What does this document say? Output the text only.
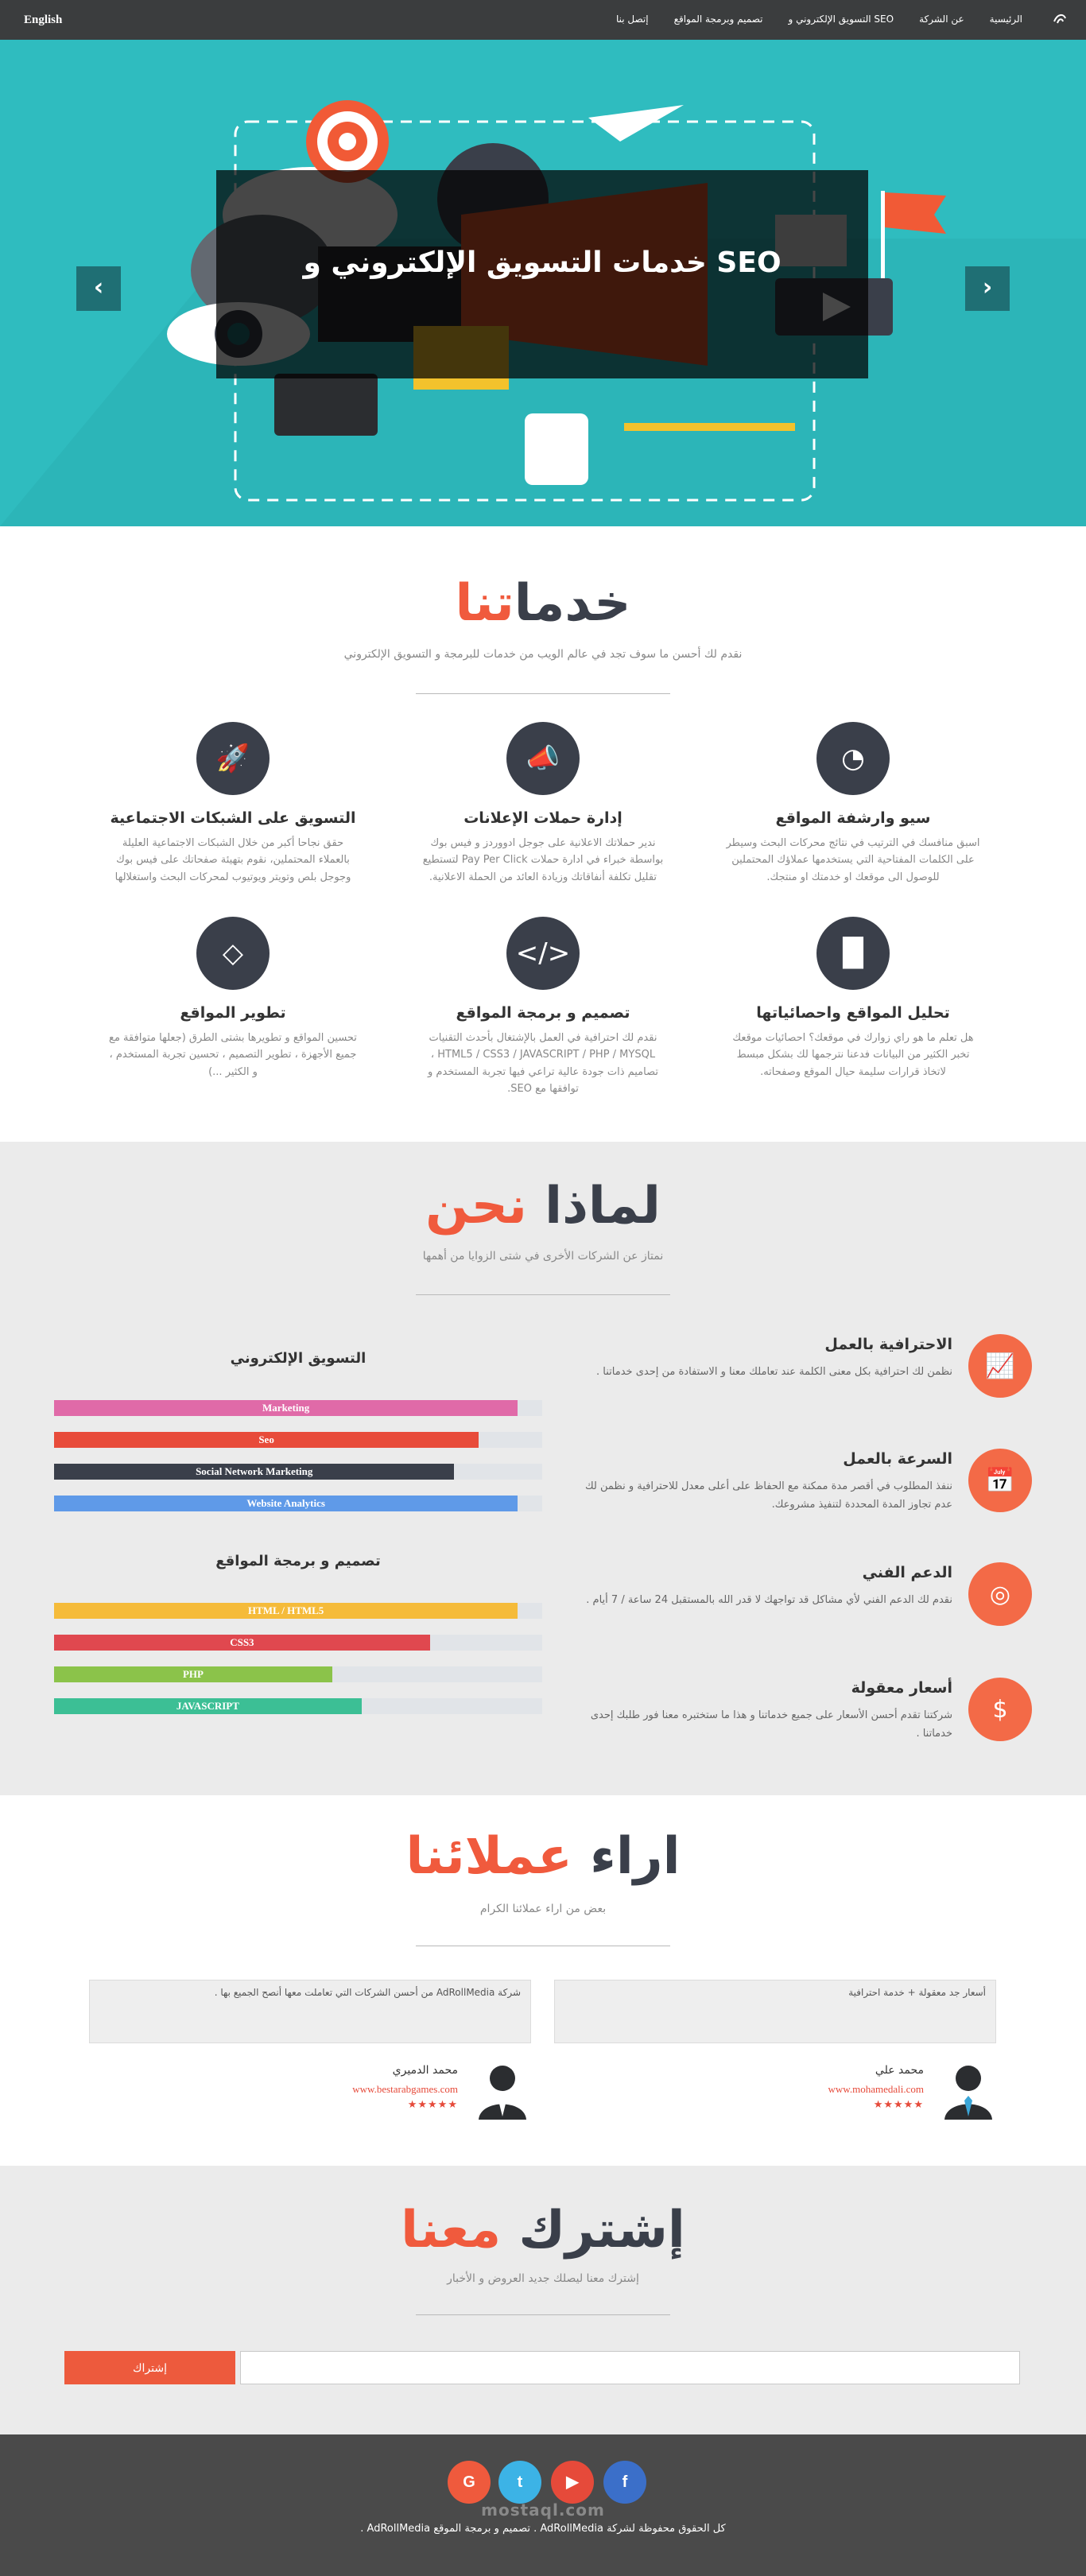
English	الرئيسية
عن الشركة
التسويق الإلكتروني و SEO
تصميم وبرمجة المواقع
إتصل بنا
خدمات التسويق الإلكتروني و SEO
‹	›
خدماتنا
نقدم لك أحسن ما سوف تجد في عالم الويب من خدمات للبرمجة و التسويق الإلكتروني
🚀
التسويق على الشبكات الاجتماعية

حقق نجاحا أكبر من خلال الشبكات الاجتماعية العليلة بالعملاء المحتملين، نقوم بتهيئة صفحاتك على فيس بوك وجوجل بلص وتويتر ويوتيوب لمحركات البحث واستغلالها

📣
إدارة حملات الإعلانات

ندير حملاتك الاعلانية على جوجل ادووردز و فيس بوك بواسطة خبراء في ادارة حملات Pay Per Click لتستطيع تقليل تكلفة أنفاقاتك وزيادة العائد من الحملة الاعلانية.

◔
سيو وارشفة المواقع

اسبق منافسك في الترتيب في نتائج محركات البحث وسيطر على الكلمات المفتاحية التي يستخدمها عملاؤك المحتملين للوصول الى موقعك او خدمتك او منتجك.

◇
تطوير المواقع

تحسين المواقع و تطويرها بشتى الطرق (جعلها متوافقة مع جميع الأجهزة ، تطوير التصميم ، تحسين تجربة المستخدم ، و الكثير ...)

</>
تصميم و برمجة المواقع

نقدم لك احترافية في العمل بالإشتغال بأحدث التقنيات HTML5 / CSS3 / JAVASCRIPT / PHP / MYSQL ، تصاميم ذات جودة عالية تراعي فيها تجربة المستخدم و توافقها مع SEO.

▐▌
تحليل المواقع واحصائياتها

هل تعلم ما هو راي زوارك في موقعك؟ احصائيات موقعك تخبر الكثير من البيانات فدعنا نترجمها لك بشكل مبسط لاتخاذ قرارات سليمة حيال الموقع وصفحاته.

لماذا نحن
نمتاز عن الشركات الأخرى في شتى الزوايا من أهمها
📈
الاحترافية بالعمل

نظمن لك احترافية بكل معنى الكلمة عند تعاملك معنا و الاستفادة من إحدى خدماتنا .

📅
السرعة بالعمل

ننفذ المطلوب في أقصر مدة ممكنة مع الحفاظ على أعلى معدل للاحترافية و نظمن لك عدم تجاوز المدة المحددة لتنفيذ مشروعك.

◎
الدعم الفني

نقدم لك الدعم الفني لأي مشاكل قد تواجهك لا قدر الله بالمستقبل 24 ساعة / 7 أيام .

$
أسعار معقولة

شركتنا تقدم أحسن الأسعار على جميع خدماتنا و هذا ما ستختبره معنا فور طلبك إحدى خدماتنا .

التسويق الإلكتروني
Marketing
Seo
Social Network Marketing
Website Analytics
تصميم و برمجة المواقع
HTML / HTML5
CSS3
PHP
JAVASCRIPT
اراء عملائنا
بعض من اراء عملائنا الكرام
أسعار جد معقولة + خدمة احترافية
شركة AdRollMedia من أحسن الشركات التي تعاملت معها أنصح الجميع بها .
محمد علي
www.mohamedali.com
★★★★★
محمد الدميري
www.bestarabgames.com
★★★★★
إشترك معنا
إشترك معنا ليصلك جديد العروض و الأخبار
إشتراك
G	t	▶	f
mostaql.com
كل الحقوق محفوظة لشركة AdRollMedia . تصميم و برمجة الموقع AdRollMedia .
